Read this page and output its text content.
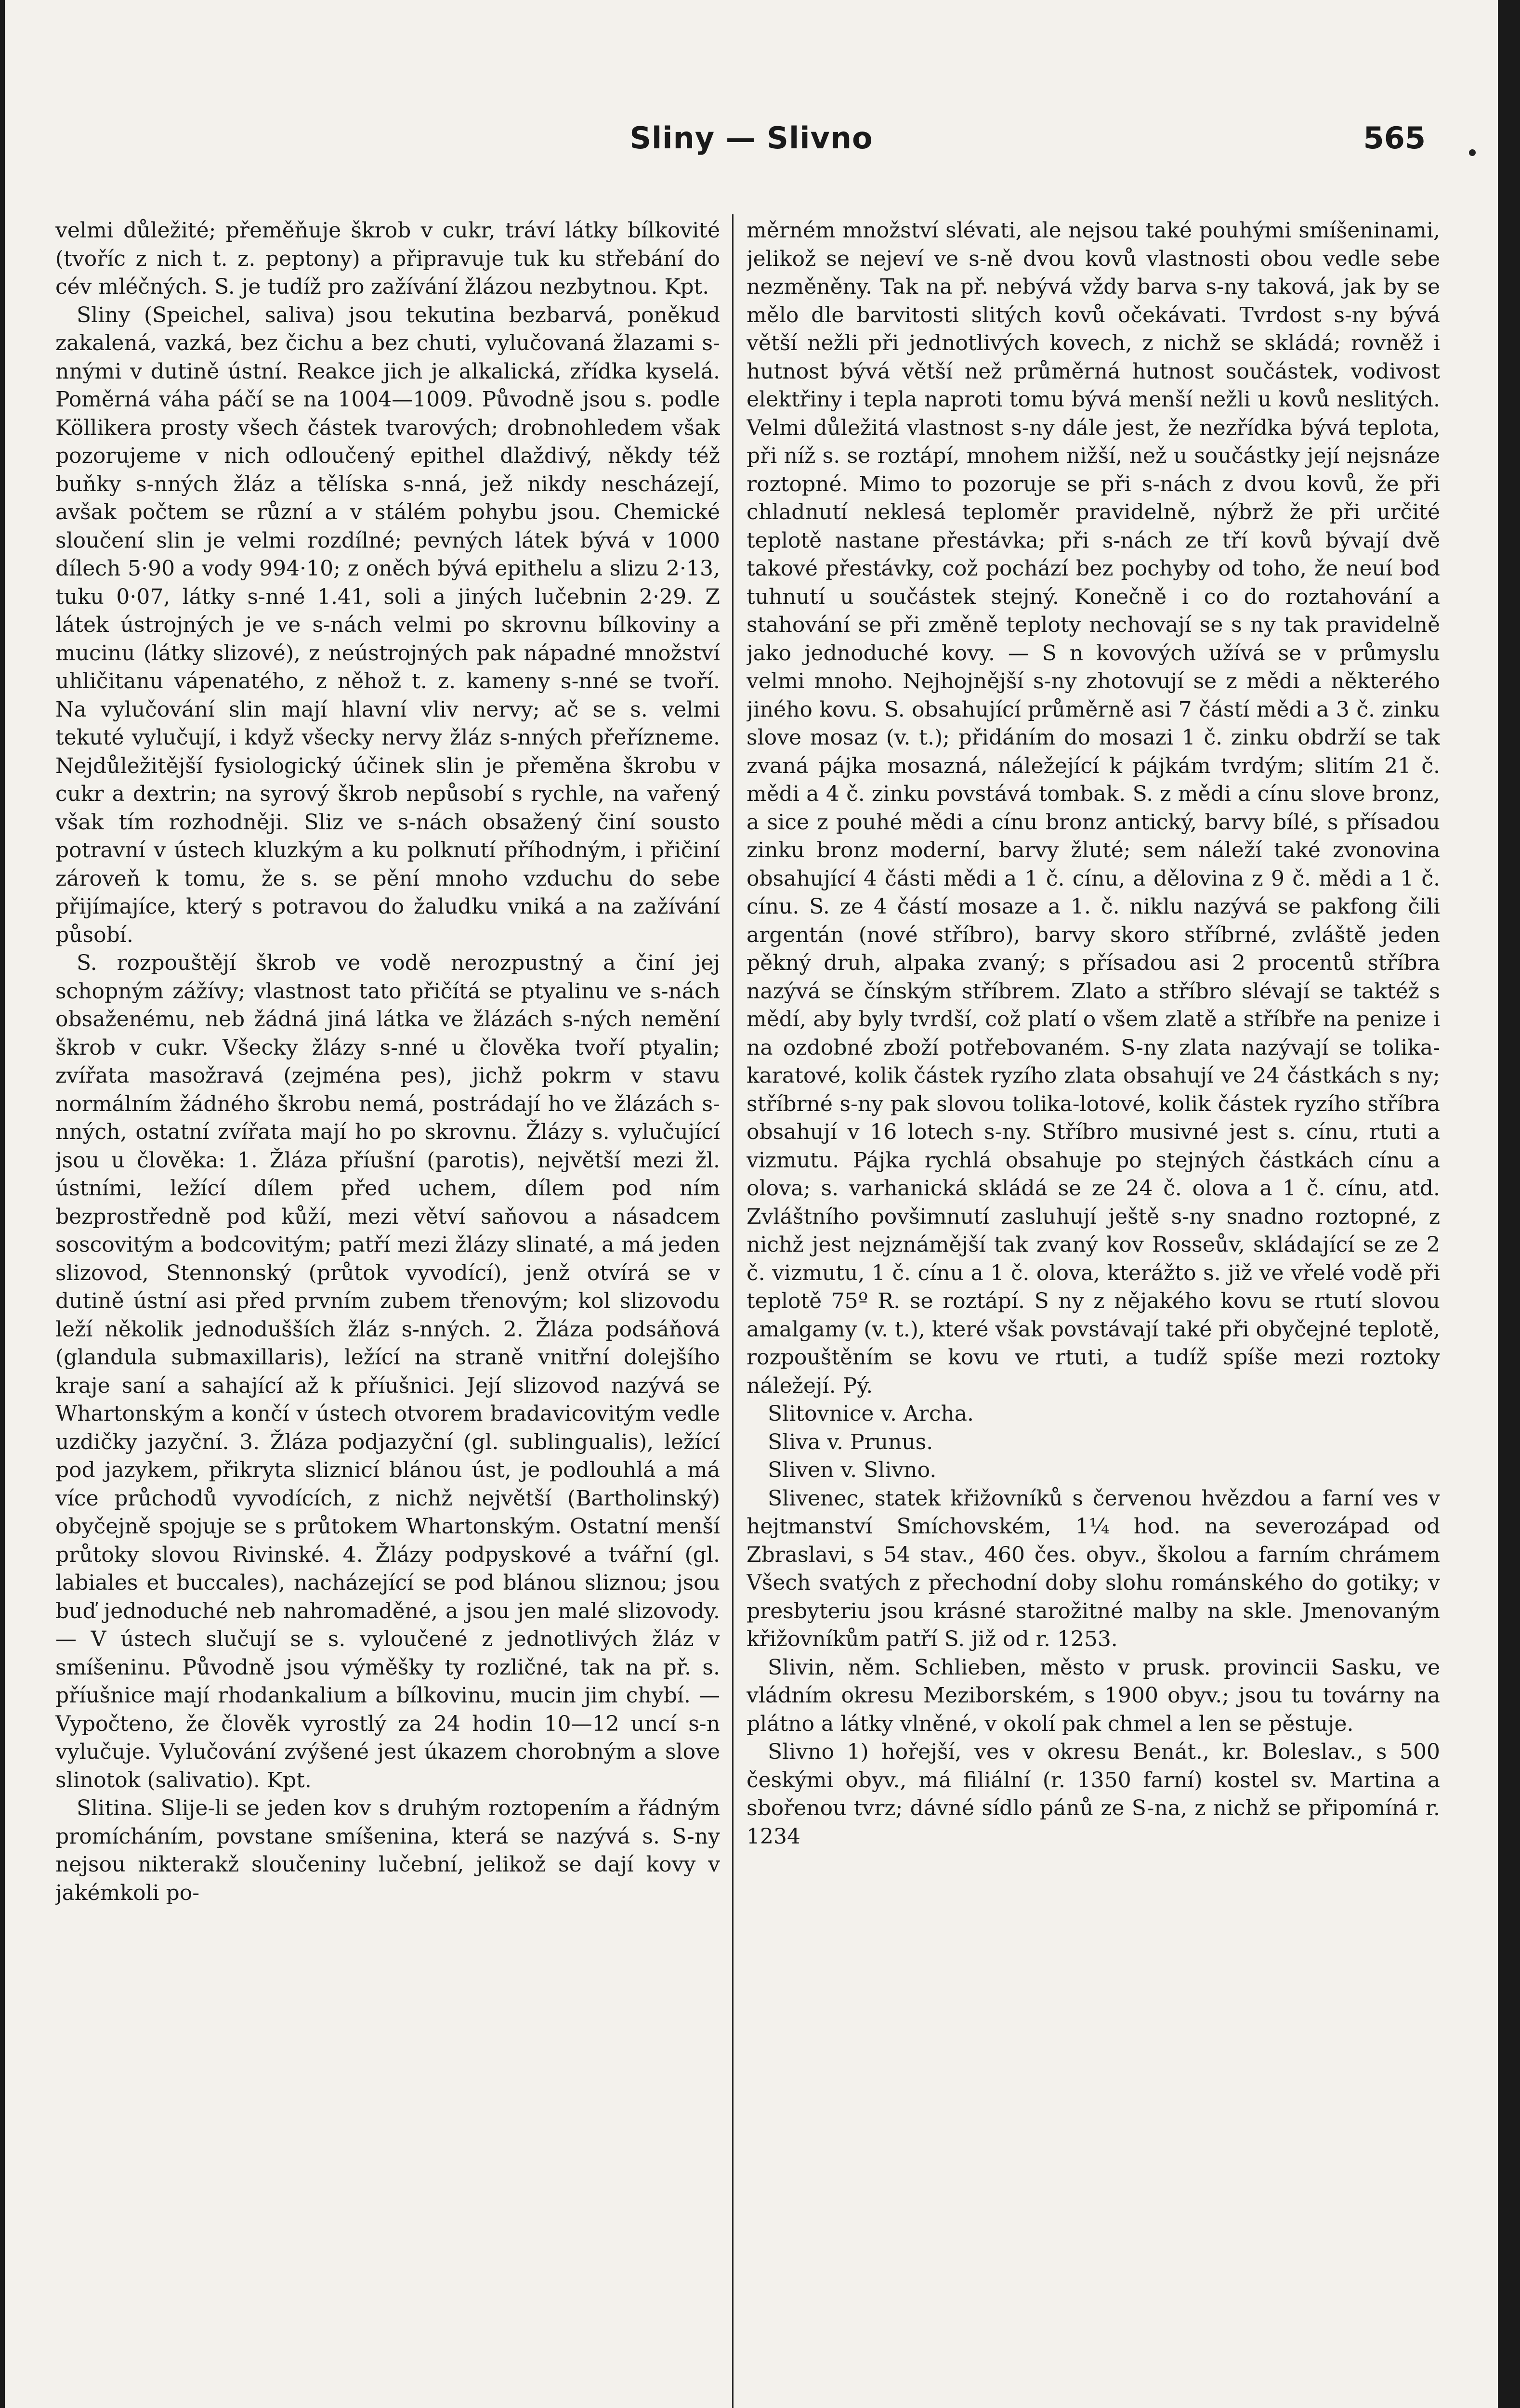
Sliny — Slivno	565

velmi důležité; přeměňuje škrob v cukr, tráví látky bílkovité (tvoříc z nich t. z. peptony) a připravuje tuk ku střebání do cév mléčných. S. je tudíž pro zažívání žlázou nezbytnou. Kpt.

Sliny (Speichel, saliva) jsou tekutina bezbarvá, poněkud zakalená, vazká, bez čichu a bez chuti, vylučovaná žlazami s-nnými v dutině ústní. Reakce jich je alkalická, zřídka kyselá. Poměrná váha páčí se na 1004—1009. Původně jsou s. podle Köllikera prosty všech částek tvarových; drobnohledem však pozorujeme v nich odloučený epithel dlaždivý, někdy též buňky s-nných žláz a tělíska s-nná, jež nikdy nescházejí, avšak počtem se různí a v stálém pohybu jsou. Chemické sloučení slin je velmi rozdílné; pevných látek bývá v 1000 dílech 5·90 a vody 994·10; z oněch bývá epithelu a slizu 2·13, tuku 0·07, látky s-nné 1.41, soli a jiných lučebnin 2·29. Z látek ústrojných je ve s-nách velmi po skrovnu bílkoviny a mucinu (látky slizové), z neústrojných pak nápadné množství uhličitanu vápenatého, z něhož t. z. kameny s-nné se tvoří. Na vylučování slin mají hlavní vliv nervy; ač se s. velmi tekuté vylučují, i když všecky nervy žláz s-nných přeřízneme. Nejdůležitější fysiologický účinek slin je přeměna škrobu v cukr a dextrin; na syrový škrob nepůsobí s rychle, na vařený však tím rozhodněji. Sliz ve s-nách obsažený činí sousto potravní v ústech kluzkým a ku polknutí příhodným, i přičiní zároveň k tomu, že s. se pění mnoho vzduchu do sebe přijímajíce, který s potravou do žaludku vniká a na zažívání působí.

S. rozpouštějí škrob ve vodě nerozpustný a činí jej schopným zážívy; vlastnost tato přičítá se ptyalinu ve s-nách obsaženému, neb žádná jiná látka ve žlázách s-ných nemění škrob v cukr. Všecky žlázy s-nné u člověka tvoří ptyalin; zvířata masožravá (zejména pes), jichž pokrm v stavu normálním žádného škrobu nemá, postrádají ho ve žlázách s-nných, ostatní zvířata mají ho po skrovnu. Žlázy s. vylučující jsou u člověka: 1. Žláza příušní (parotis), největší mezi žl. ústními, ležící dílem před uchem, dílem pod ním bezprostředně pod kůží, mezi větví saňovou a násadcem soscovitým a bodcovitým; patří mezi žlázy slinaté, a má jeden slizovod, Stennonský (průtok vyvodící), jenž otvírá se v dutině ústní asi před prvním zubem třenovým; kol slizovodu leží několik jednodušších žláz s-nných. 2. Žláza podsáňová (glandula submaxillaris), ležící na straně vnitřní dolejšího kraje saní a sahající až k příušnici. Její slizovod nazývá se Whartonským a končí v ústech otvorem bradavicovitým vedle uzdičky jazyční. 3. Žláza podjazyční (gl. sublingualis), ležící pod jazykem, přikryta sliznicí blánou úst, je podlouhlá a má více průchodů vyvodících, z nichž největší (Bartholinský) obyčejně spojuje se s průtokem Whartonským. Ostatní menší průtoky slovou Rivinské. 4. Žlázy podpyskové a tvářní (gl. labiales et buccales), nacházející se pod blánou sliznou; jsou buď jednoduché neb nahromaděné, a jsou jen malé slizovody. — V ústech slučují se s. vyloučené z jednotlivých žláz v smíšeninu. Původně jsou výměšky ty rozličné, tak na př. s. příušnice mají rhodankalium a bílkovinu, mucin jim chybí. — Vypočteno, že člověk vyrostlý za 24 hodin 10—12 uncí s-n vylučuje. Vylučování zvýšené jest úkazem chorobným a slove slinotok (salivatio). Kpt.

Slitina. Slije-li se jeden kov s druhým roztopením a řádným promícháním, povstane smíšenina, která se nazývá s. S-ny nejsou nikterakž sloučeniny lučební, jelikož se dají kovy v jakémkoli po-

měrném množství slévati, ale nejsou také pouhými smíšeninami, jelikož se nejeví ve s-ně dvou kovů vlastnosti obou vedle sebe nezměněny. Tak na př. nebývá vždy barva s-ny taková, jak by se mělo dle barvitosti slitých kovů očekávati. Tvrdost s-ny bývá větší nežli při jednotlivých kovech, z nichž se skládá; rovněž i hutnost bývá větší než průměrná hutnost součástek, vodivost elektřiny i tepla naproti tomu bývá menší nežli u kovů neslitých. Velmi důležitá vlastnost s-ny dále jest, že nezřídka bývá teplota, při níž s. se roztápí, mnohem nižší, než u součástky její nejsnáze roztopné. Mimo to pozoruje se při s-nách z dvou kovů, že při chladnutí neklesá teploměr pravidelně, nýbrž že při určité teplotě nastane přestávka; při s-nách ze tří kovů bývají dvě takové přestávky, což pochází bez pochyby od toho, že neuí bod tuhnutí u součástek stejný. Konečně i co do roztahování a stahování se při změně teploty nechovají se s ny tak pravidelně jako jednoduché kovy. — S n kovových užívá se v průmyslu velmi mnoho. Nejhojnější s-ny zhotovují se z mědi a některého jiného kovu. S. obsahující průměrně asi 7 částí mědi a 3 č. zinku slove mosaz (v. t.); přidáním do mosazi 1 č. zinku obdrží se tak zvaná pájka mosazná, náležející k pájkám tvrdým; slitím 21 č. mědi a 4 č. zinku povstává tombak. S. z mědi a cínu slove bronz, a sice z pouhé mědi a cínu bronz antický, barvy bílé, s přísadou zinku bronz moderní, barvy žluté; sem náleží také zvonovina obsahující 4 části mědi a 1 č. cínu, a dělovina z 9 č. mědi a 1 č. cínu. S. ze 4 částí mosaze a 1. č. niklu nazývá se pakfong čili argentán (nové stříbro), barvy skoro stříbrné, zvláště jeden pěkný druh, alpaka zvaný; s přísadou asi 2 procentů stříbra nazývá se čínským stříbrem. Zlato a stříbro slévají se taktéž s mědí, aby byly tvrdší, což platí o všem zlatě a stříbře na penize i na ozdobné zboží potřebovaném. S-ny zlata nazývají se tolika-karatové, kolik částek ryzího zlata obsahují ve 24 částkách s ny; stříbrné s-ny pak slovou tolika-lotové, kolik částek ryzího stříbra obsahují v 16 lotech s-ny. Stříbro musivné jest s. cínu, rtuti a vizmutu. Pájka rychlá obsahuje po stejných částkách cínu a olova; s. varhanická skládá se ze 24 č. olova a 1 č. cínu, atd. Zvláštního povšimnutí zasluhují ještě s-ny snadno roztopné, z nichž jest nejznámější tak zvaný kov Rosseův, skládající se ze 2 č. vizmutu, 1 č. cínu a 1 č. olova, kterážto s. již ve vřelé vodě při teplotě 75º R. se roztápí. S ny z nějakého kovu se rtutí slovou amalgamy (v. t.), které však povstávají také při obyčejné teplotě, rozpouštěním se kovu ve rtuti, a tudíž spíše mezi roztoky náležejí. Pý.

Slitovnice v. Archa.

Sliva v. Prunus.

Sliven v. Slivno.

Slivenec, statek křižovníků s červenou hvězdou a farní ves v hejtmanství Smíchovském, 1¼ hod. na severozápad od Zbraslavi, s 54 stav., 460 čes. obyv., školou a farním chrámem Všech svatých z přechodní doby slohu románského do gotiky; v presbyteriu jsou krásné starožitné malby na skle. Jmenovaným křižovníkům patří S. již od r. 1253.

Slivin, něm. Schlieben, město v prusk. provincii Sasku, ve vládním okresu Meziborském, s 1900 obyv.; jsou tu továrny na plátno a látky vlněné, v okolí pak chmel a len se pěstuje.

Slivno 1) hořejší, ves v okresu Benát., kr. Boleslav., s 500 českými obyv., má filiální (r. 1350 farní) kostel sv. Martina a sbořenou tvrz; dávné sídlo pánů ze S-na, z nichž se připomíná r. 1234
